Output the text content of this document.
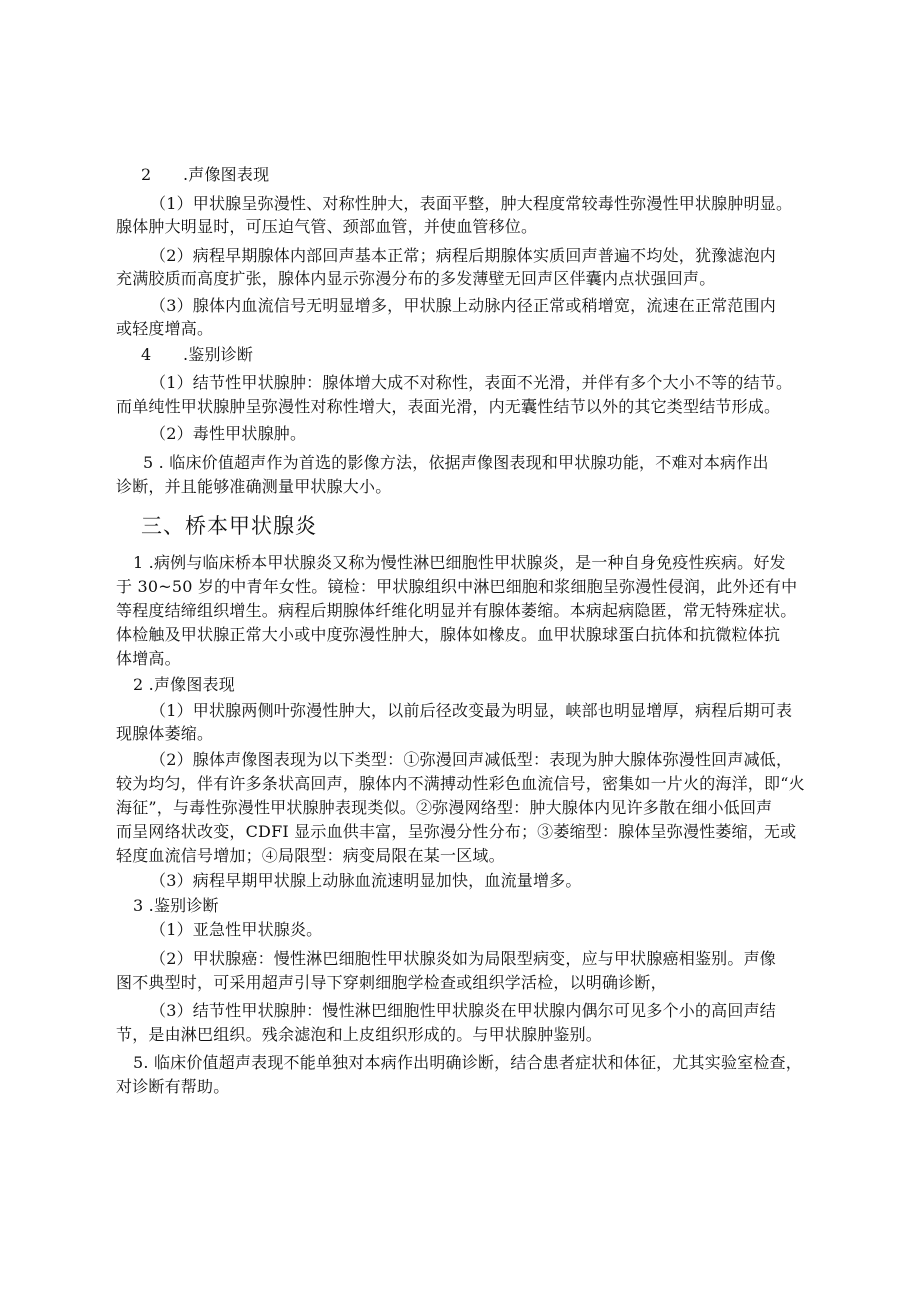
2 .声像图表现
（1）甲状腺呈弥漫性、对称性肿大，表面平整，肿大程度常较毒性弥漫性甲状腺肿明显。
腺体肿大明显时，可压迫气管、颈部血管，并使血管移位。
（2）病程早期腺体内部回声基本正常；病程后期腺体实质回声普遍不均处，犹豫滤泡内
充满胶质而高度扩张，腺体内显示弥漫分布的多发薄壁无回声区伴囊内点状强回声。
（3）腺体内血流信号无明显增多，甲状腺上动脉内径正常或稍增宽，流速在正常范围内
或轻度增高。
4 .鉴别诊断
（1）结节性甲状腺肿：腺体增大成不对称性，表面不光滑，并伴有多个大小不等的结节。
而单纯性甲状腺肿呈弥漫性对称性增大，表面光滑，内无囊性结节以外的其它类型结节形成。
（2）毒性甲状腺肿。
5 . 临床价值超声作为首选的影像方法，依据声像图表现和甲状腺功能，不难对本病作出
诊断，并且能够准确测量甲状腺大小。
三、桥本甲状腺炎
1 .病例与临床桥本甲状腺炎又称为慢性淋巴细胞性甲状腺炎，是一种自身免疫性疾病。好发
于 30~50 岁的中青年女性。镜检：甲状腺组织中淋巴细胞和浆细胞呈弥漫性侵润，此外还有中
等程度结缔组织增生。病程后期腺体纤维化明显并有腺体萎缩。本病起病隐匿，常无特殊症状。
体检触及甲状腺正常大小或中度弥漫性肿大，腺体如橡皮。血甲状腺球蛋白抗体和抗微粒体抗
体增高。
2 .声像图表现
（1）甲状腺两侧叶弥漫性肿大，以前后径改变最为明显，峡部也明显增厚，病程后期可表
现腺体萎缩。
（2）腺体声像图表现为以下类型：①弥漫回声减低型：表现为肿大腺体弥漫性回声减低，
较为均匀，伴有许多条状高回声，腺体内不满搏动性彩色血流信号，密集如一片火的海洋，即“火
海征”，与毒性弥漫性甲状腺肿表现类似。②弥漫网络型：肿大腺体内见许多散在细小低回声
而呈网络状改变，CDFI 显示血供丰富，呈弥漫分性分布；③萎缩型：腺体呈弥漫性萎缩，无或
轻度血流信号增加；④局限型：病变局限在某一区域。
（3）病程早期甲状腺上动脉血流速明显加快，血流量增多。
3 .鉴别诊断
（1）亚急性甲状腺炎。
（2）甲状腺癌：慢性淋巴细胞性甲状腺炎如为局限型病变，应与甲状腺癌相鉴别。声像
图不典型时，可采用超声引导下穿刺细胞学检查或组织学活检，以明确诊断，
（3）结节性甲状腺肿：慢性淋巴细胞性甲状腺炎在甲状腺内偶尔可见多个小的高回声结
节，是由淋巴组织。残余滤泡和上皮组织形成的。与甲状腺肿鉴别。
5. 临床价值超声表现不能单独对本病作出明确诊断，结合患者症状和体征，尤其实验室检查，
对诊断有帮助。
